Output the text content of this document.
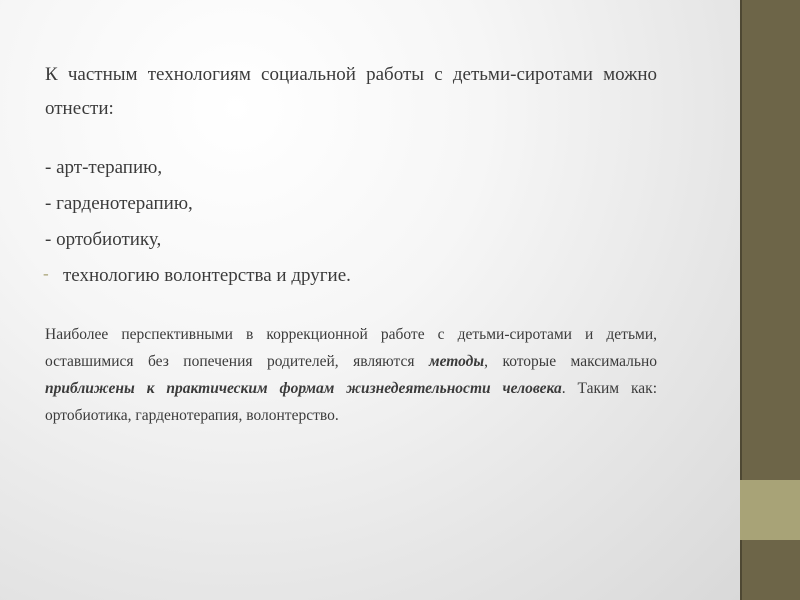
К частным технологиям социальной работы с детьми-сиротами можно отнести:

- арт-терапию,
- гарденотерапию,
- ортобиотику,
- технологию волонтерства и другие.

Наиболее перспективными в коррекционной работе с детьми-сиротами и детьми, оставшимися без попечения родителей, являются методы, которые максимально приближены к практическим формам жизнедеятельности человека. Таким как: ортобиотика, гарденотерапия, волонтерство.
